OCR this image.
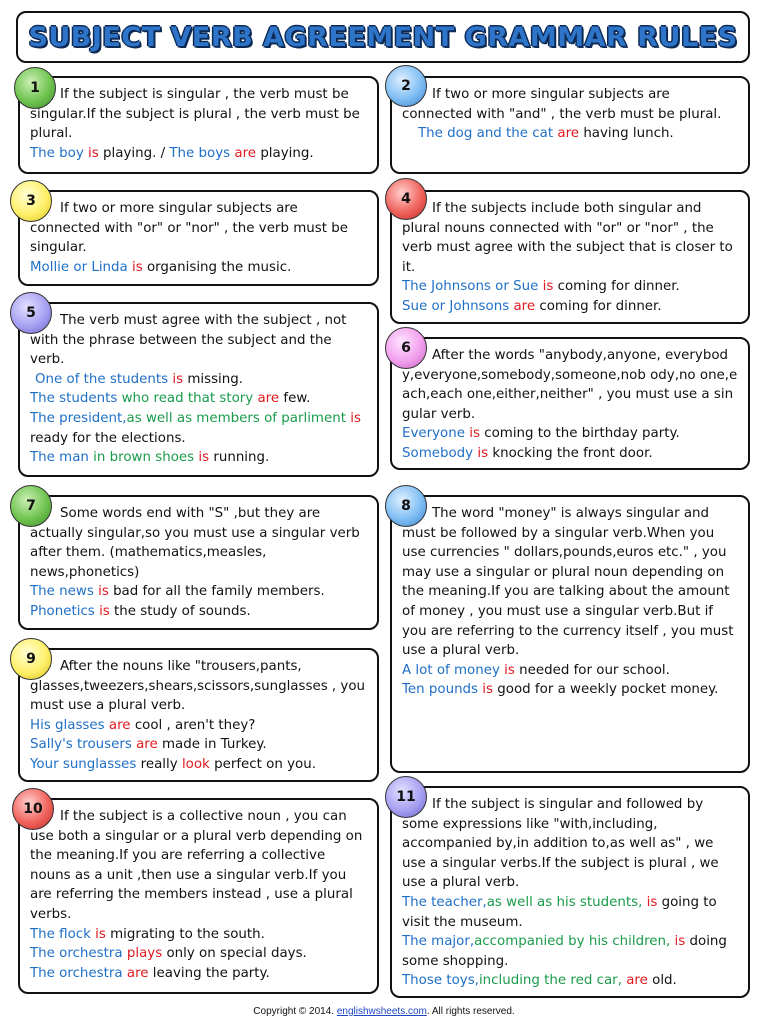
SUBJECT VERB AGREEMENT GRAMMAR RULES
1	If the subject is singular , the verb must be singular.If the subject is plural , the verb must be plural.

The boy is playing. / The boys are playing.

2

If two or more singular subjects are connected with "and" , the verb must be plural.

The dog and the cat are having lunch.

3	If two or more singular subjects are connected with "or" or "nor" , the verb must be singular.

Mollie or Linda is organising the music.

4

If the subjects include both singular and plural nouns connected with "or" or "nor" , the verb must agree with the subject that is closer to it.

The Johnsons or Sue is coming for dinner.

Sue or Johnsons are coming for dinner.

5	The verb must agree with the subject , not with the phrase between the subject and the verb.

One of the students is missing.

The students who read that story are few.

The president,as well as members of parliment is ready for the elections.

The man in brown shoes is running.

6	After the words "anybody,anyone, everybody,everyone,somebody,someone,nob ody,no one,each,each one,either,neither" , you must use a singular verb.

Everyone is coming to the birthday party.

Somebody is knocking the front door.

7	Some words end with "S" ,but they are actually singular,so you must use a singular verb after them. (mathematics,measles, news,phonetics)

The news is bad for all the family members.

Phonetics is the study of sounds.

8	The word "money" is always singular and must be followed by a singular verb.When you use currencies " dollars,pounds,euros etc." , you may use a singular or plural noun depending on the meaning.If you are talking about the amount of money , you must use a singular verb.But if you are referring to the currency itself , you must use a plural verb.

A lot of money is needed for our school.

Ten pounds is good for a weekly pocket money.

9	After the nouns like "trousers,pants, glasses,tweezers,shears,scissors,sunglasses , you must use a plural verb.

His glasses are cool , aren't they?

Sally's trousers are made in Turkey.

Your sunglasses really look perfect on you.

10	If the subject is a collective noun , you can use both a singular or a plural verb depending on the meaning.If you are referring a collective nouns as a unit ,then use a singular verb.If you are referring the members instead , use a plural verbs.

The flock is migrating to the south.

The orchestra plays only on special days.

The orchestra are leaving the party.

11	If the subject is singular and followed by some expressions like "with,including, accompanied by,in addition to,as well as" , we use a singular verbs.If the subject is plural , we use a plural verb.

The teacher,as well as his students, is going to visit the museum.

The major,accompanied by his children, is doing some shopping.

Those toys,including the red car, are old.

Copyright © 2014. englishwsheets.com. All rights reserved.
